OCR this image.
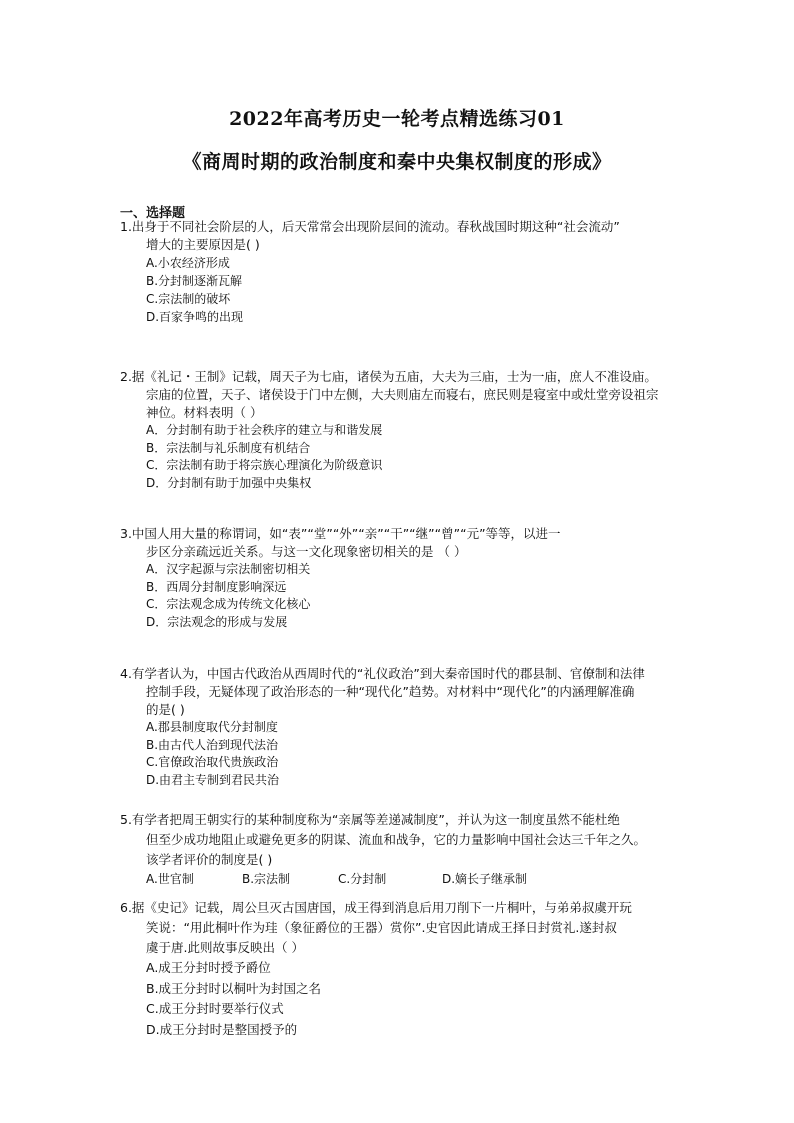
2022年高考历史一轮考点精选练习01
《商周时期的政治制度和秦中央集权制度的形成》
一、选择题

1.出身于不同社会阶层的人，后天常常会出现阶层间的流动。春秋战国时期这种“社会流动”
增大的主要原因是( )

A.小农经济形成
B.分封制逐渐瓦解
C.宗法制的破坏
D.百家争鸣的出现

2.据《礼记・王制》记载，周天子为七庙，诸侯为五庙，大夫为三庙，士为一庙，庶人不准设庙。
宗庙的位置，天子、诸侯设于门中左侧，大夫则庙左而寝右，庶民则是寝室中或灶堂旁设祖宗
神位。材料表明（ ）

A．分封制有助于社会秩序的建立与和谐发展
B．宗法制与礼乐制度有机结合
C．宗法制有助于将宗族心理演化为阶级意识
D．分封制有助于加强中央集权

3.中国人用大量的称谓词，如“表”“堂”“外”“亲”“干”“继”“曾”“元”等等，以进一
步区分亲疏远近关系。与这一文化现象密切相关的是 （ ）

A．汉字起源与宗法制密切相关
B．西周分封制度影响深远
C．宗法观念成为传统文化核心
D．宗法观念的形成与发展

4.有学者认为，中国古代政治从西周时代的“礼仪政治”到大秦帝国时代的郡县制、官僚制和法律
控制手段，无疑体现了政治形态的一种“现代化”趋势。对材料中“现代化”的内涵理解准确
的是( )

A.郡县制度取代分封制度
B.由古代人治到现代法治
C.官僚政治取代贵族政治
D.由君主专制到君民共治

5.有学者把周王朝实行的某种制度称为“亲属等差递减制度”，并认为这一制度虽然不能杜绝
但至少成功地阻止或避免更多的阴谋、流血和战争，它的力量影响中国社会达三千年之久。
该学者评价的制度是( )

A.世官制	B.宗法制	C.分封制	D.嫡长子继承制

6.据《史记》记载，周公旦灭古国唐国，成王得到消息后用刀削下一片桐叶，与弟弟叔虞开玩
笑说：“用此桐叶作为珪（象征爵位的王器）赏你”.史官因此请成王择日封赏礼.遂封叔
虞于唐.此则故事反映出（ ）

A.成王分封时授予爵位
B.成王分封时以桐叶为封国之名
C.成王分封时要举行仪式
D.成王分封时是整国授予的
